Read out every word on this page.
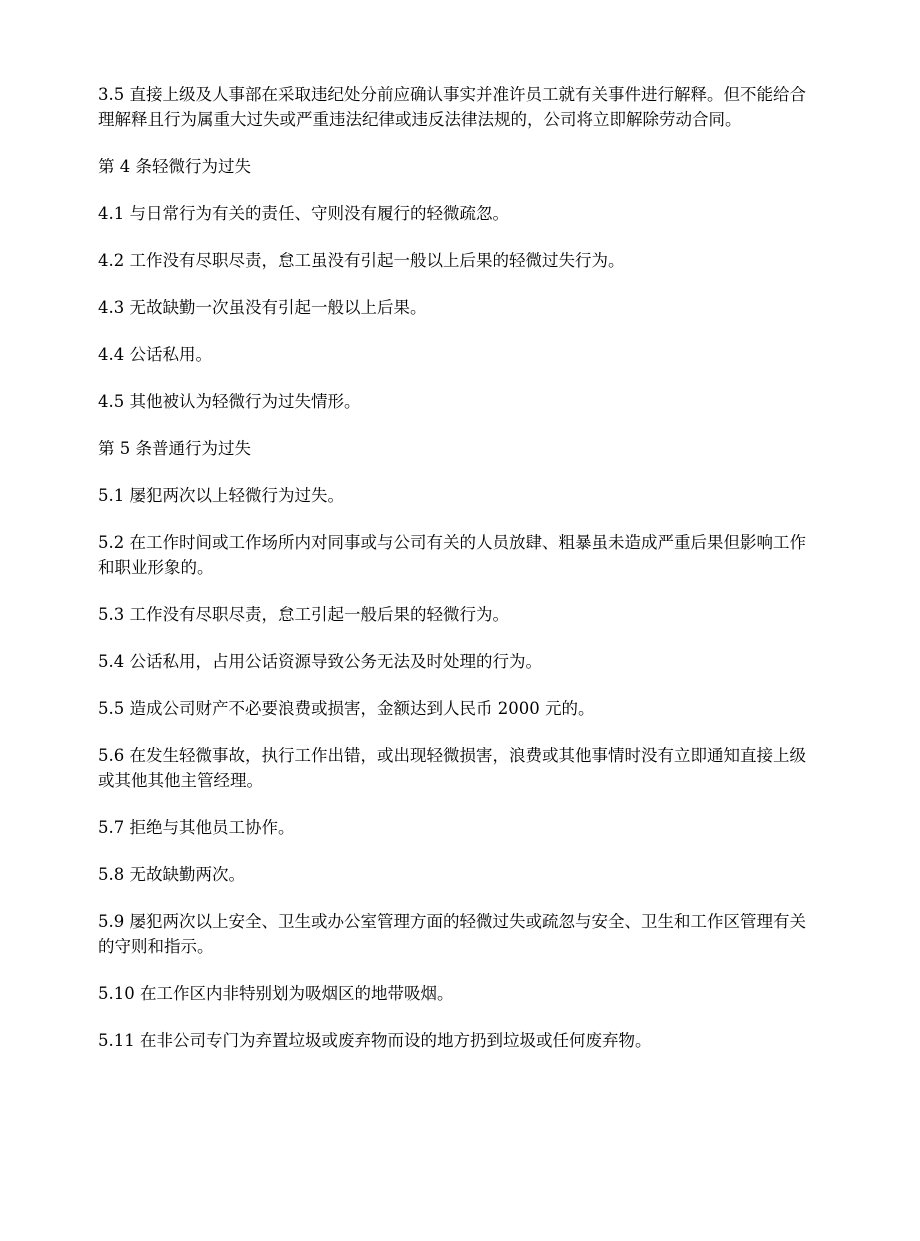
3.5 直接上级及人事部在采取违纪处分前应确认事实并准许员工就有关事件进行解释。但不能给合理解释且行为属重大过失或严重违法纪律或违反法律法规的，公司将立即解除劳动合同。

第 4 条轻微行为过失

4.1 与日常行为有关的责任、守则没有履行的轻微疏忽。

4.2 工作没有尽职尽责，怠工虽没有引起一般以上后果的轻微过失行为。

4.3 无故缺勤一次虽没有引起一般以上后果。

4.4 公话私用。

4.5 其他被认为轻微行为过失情形。

第 5 条普通行为过失

5.1 屡犯两次以上轻微行为过失。

5.2 在工作时间或工作场所内对同事或与公司有关的人员放肆、粗暴虽未造成严重后果但影响工作和职业形象的。

5.3 工作没有尽职尽责，怠工引起一般后果的轻微行为。

5.4 公话私用，占用公话资源导致公务无法及时处理的行为。

5.5 造成公司财产不必要浪费或损害，金额达到人民币 2000 元的。

5.6 在发生轻微事故，执行工作出错，或出现轻微损害，浪费或其他事情时没有立即通知直接上级或其他其他主管经理。

5.7 拒绝与其他员工协作。

5.8 无故缺勤两次。

5.9 屡犯两次以上安全、卫生或办公室管理方面的轻微过失或疏忽与安全、卫生和工作区管理有关的守则和指示。

5.10 在工作区内非特别划为吸烟区的地带吸烟。

5.11 在非公司专门为弃置垃圾或废弃物而设的地方扔到垃圾或任何废弃物。
